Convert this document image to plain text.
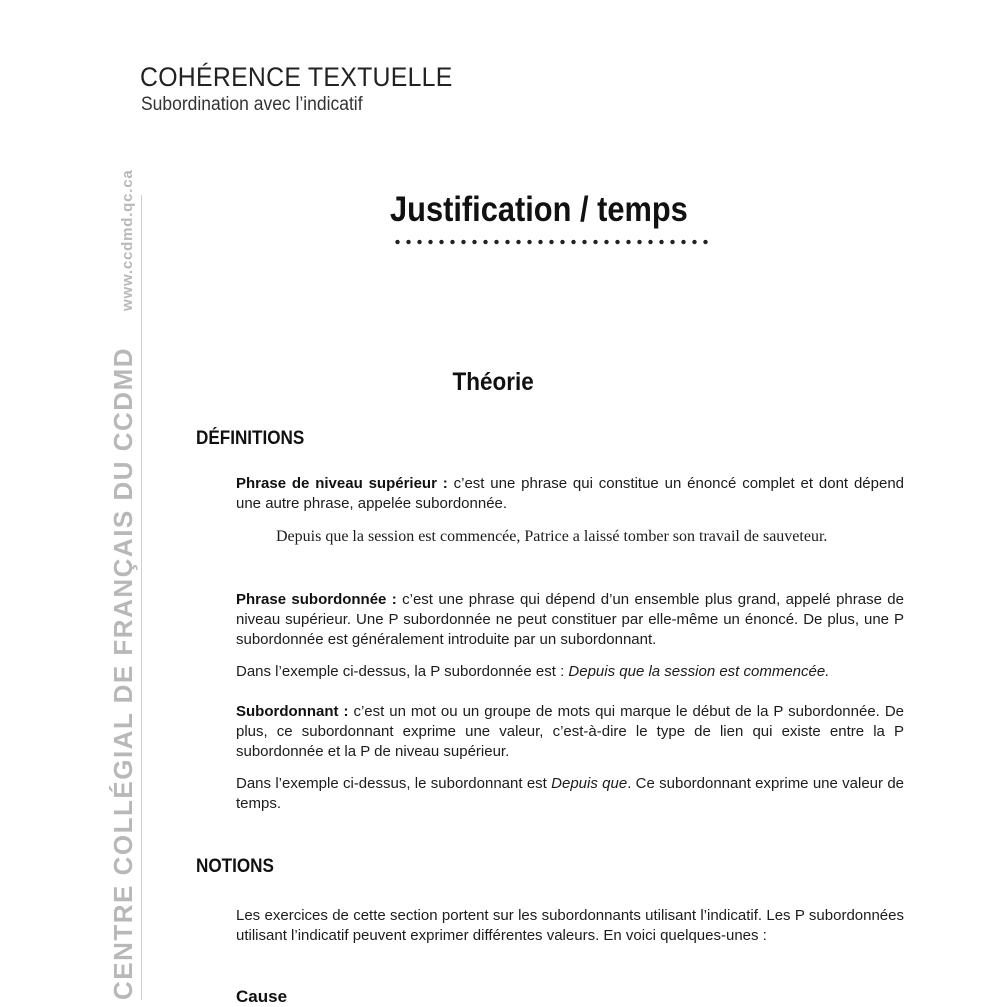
COHÉRENCE TEXTUELLE
Subordination avec l’indicatif
Justification / temps
CENTRE COLLÉGIAL DE FRANÇAIS DU CCDMDwww.ccdmd.qc.ca
Théorie
DÉFINITIONS
Phrase de niveau supérieur : c’est une phrase qui constitue un énoncé complet et dont dépend une autre phrase, appelée subordonnée.
Depuis que la session est commencée, Patrice a laissé tomber son travail de sauveteur.
Phrase subordonnée : c’est une phrase qui dépend d’un ensemble plus grand, appelé phrase de niveau supérieur. Une P subordonnée ne peut constituer par elle-même un énoncé. De plus, une P subordonnée est généralement introduite par un subordonnant.
Dans l’exemple ci-dessus, la P subordonnée est : Depuis que la session est commencée.
Subordonnant : c’est un mot ou un groupe de mots qui marque le début de la P subordonnée. De plus, ce subordonnant exprime une valeur, c’est-à-dire le type de lien qui existe entre la P subordonnée et la P de niveau supérieur.
Dans l’exemple ci-dessus, le subordonnant est Depuis que. Ce subordonnant exprime une valeur de temps.
NOTIONS
Les exercices de cette section portent sur les subordonnants utilisant l’indicatif. Les P subordonnées utilisant l’indicatif peuvent exprimer différentes valeurs. En voici quelques-unes :
Cause
